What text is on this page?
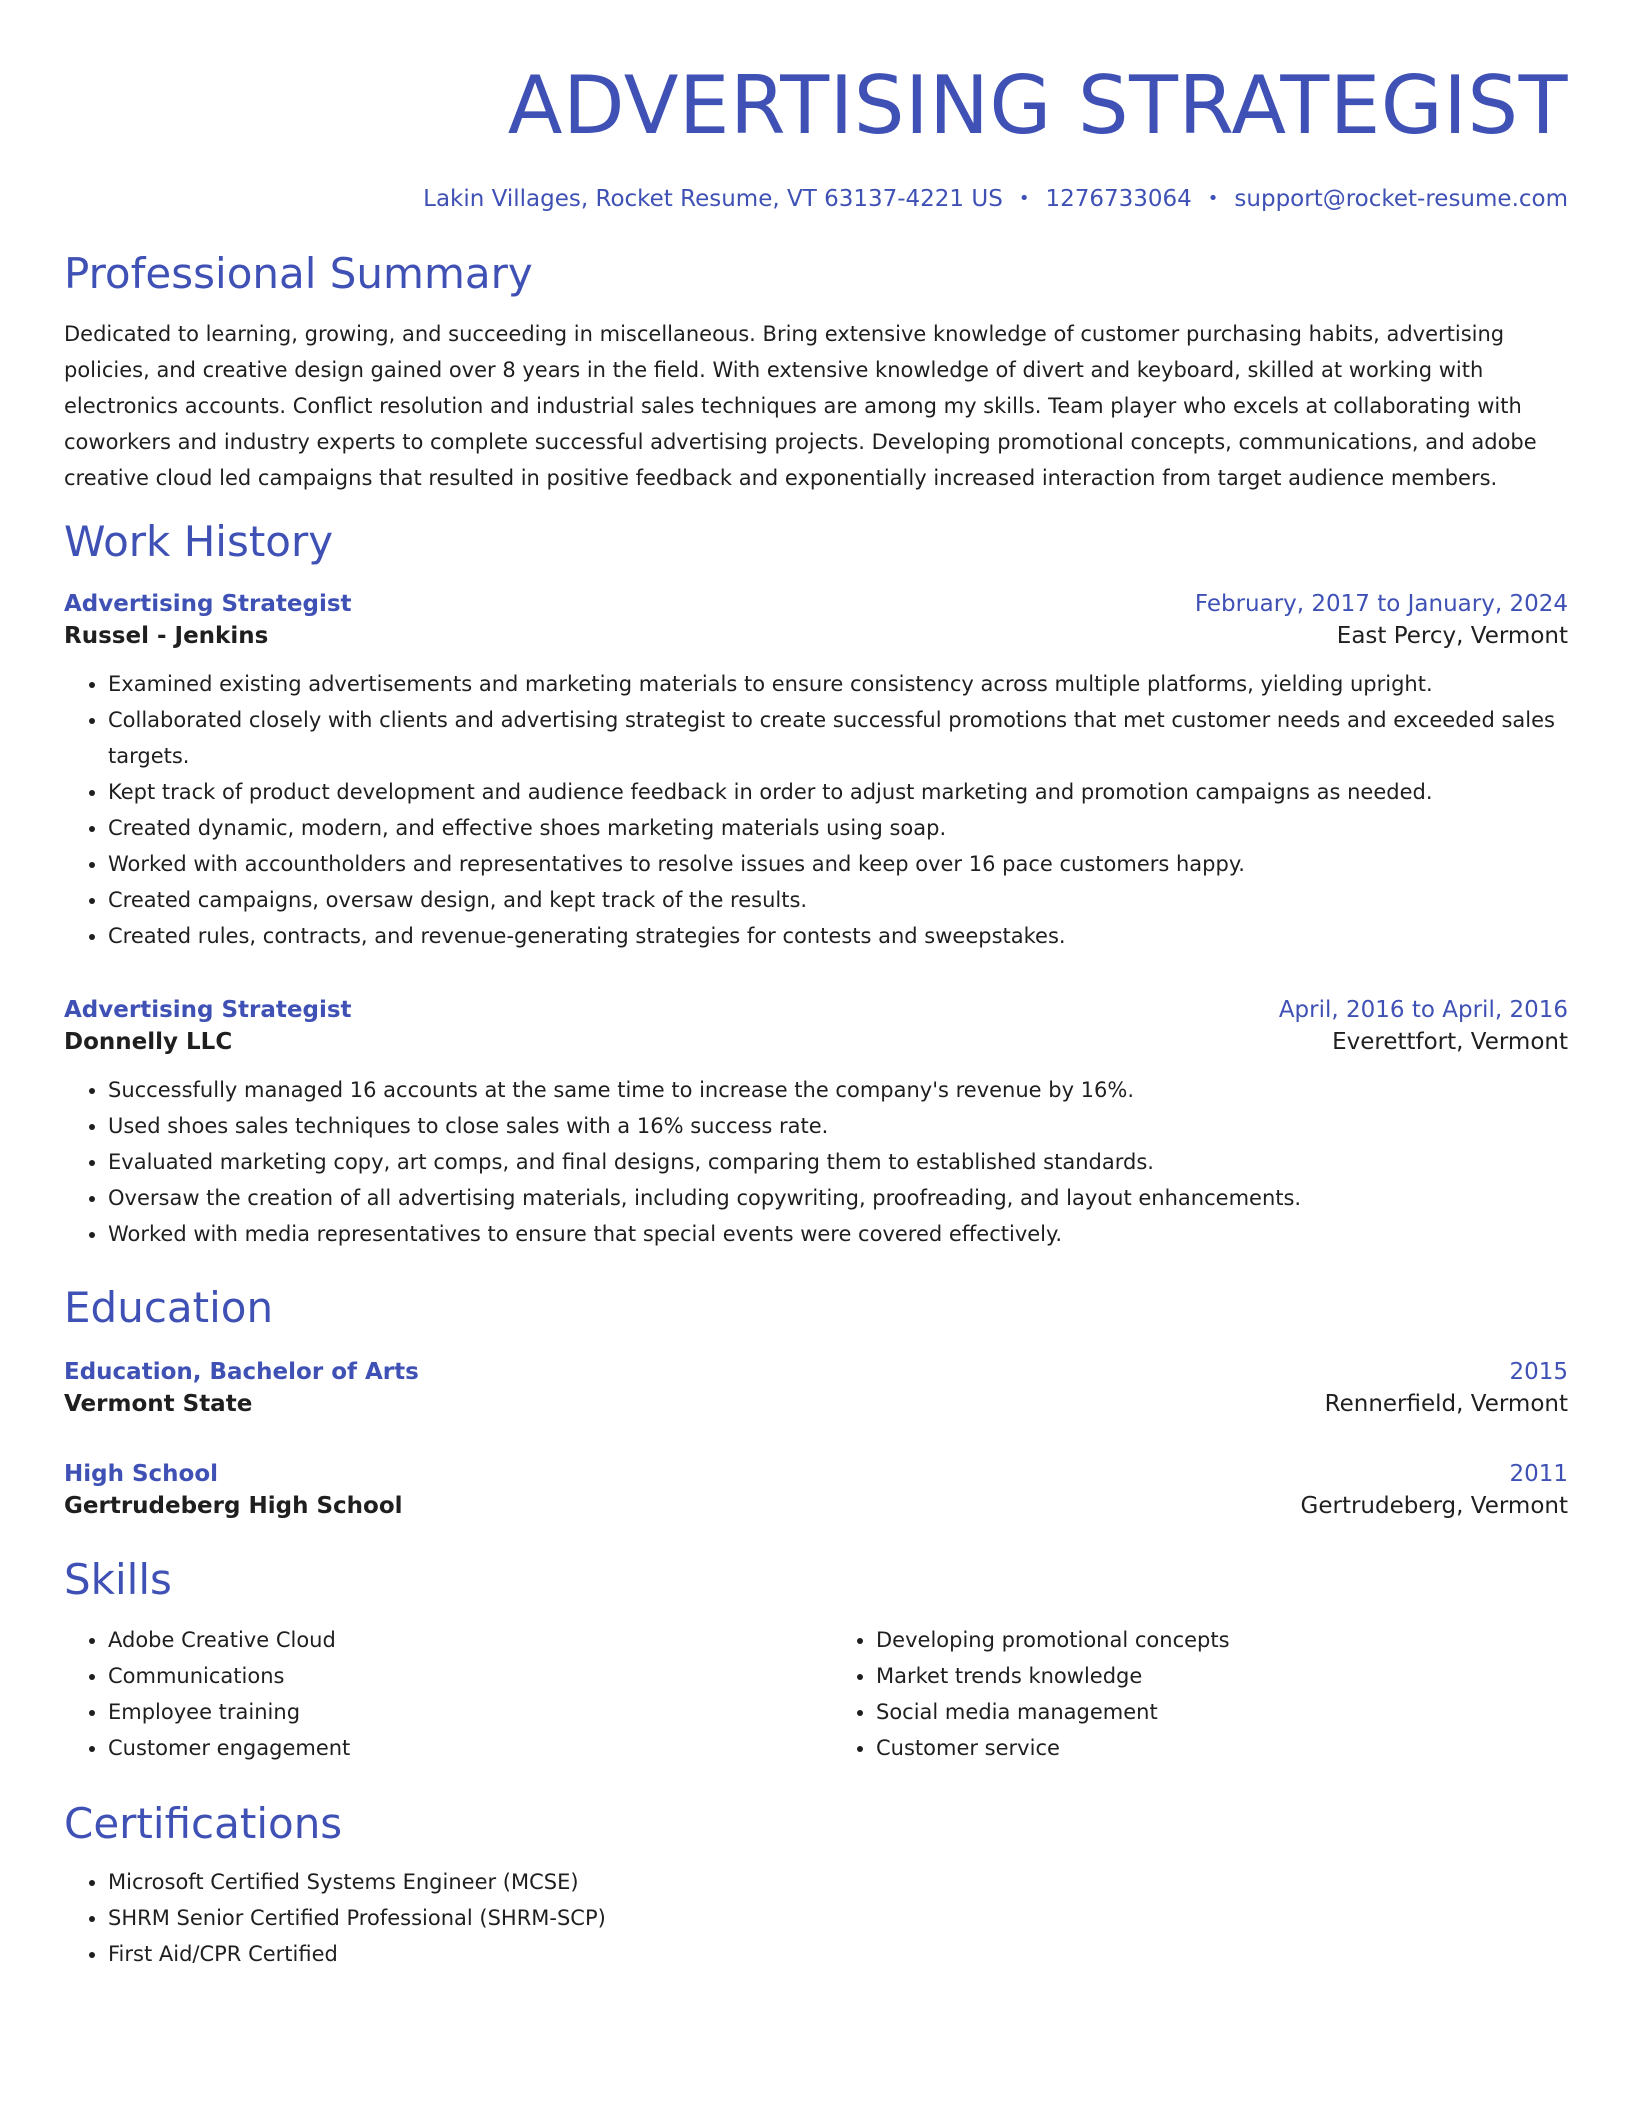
ADVERTISING STRATEGIST
Lakin Villages, Rocket Resume, VT 63137-4221 US • 1276733064 • support@rocket-resume.com
Professional Summary
Dedicated to learning, growing, and succeeding in miscellaneous. Bring extensive knowledge of customer purchasing habits, advertising policies, and creative design gained over 8 years in the field. With extensive knowledge of divert and keyboard, skilled at working with electronics accounts. Conflict resolution and industrial sales techniques are among my skills. Team player who excels at collaborating with coworkers and industry experts to complete successful advertising projects. Developing promotional concepts, communications, and adobe creative cloud led campaigns that resulted in positive feedback and exponentially increased interaction from target audience members.
Work History
Advertising Strategist	February, 2017 to January, 2024
Russel - Jenkins	East Percy, Vermont
• Examined existing advertisements and marketing materials to ensure consistency across multiple platforms, yielding upright.
• Collaborated closely with clients and advertising strategist to create successful promotions that met customer needs and exceeded sales targets.
• Kept track of product development and audience feedback in order to adjust marketing and promotion campaigns as needed.
• Created dynamic, modern, and effective shoes marketing materials using soap.
• Worked with accountholders and representatives to resolve issues and keep over 16 pace customers happy.
• Created campaigns, oversaw design, and kept track of the results.
• Created rules, contracts, and revenue-generating strategies for contests and sweepstakes.
Advertising Strategist	April, 2016 to April, 2016
Donnelly LLC	Everettfort, Vermont
• Successfully managed 16 accounts at the same time to increase the company's revenue by 16%.
• Used shoes sales techniques to close sales with a 16% success rate.
• Evaluated marketing copy, art comps, and final designs, comparing them to established standards.
• Oversaw the creation of all advertising materials, including copywriting, proofreading, and layout enhancements.
• Worked with media representatives to ensure that special events were covered effectively.
Education
Education, Bachelor of Arts	2015
Vermont State	Rennerfield, Vermont
High School	2011
Gertrudeberg High School	Gertrudeberg, Vermont
Skills
• Adobe Creative Cloud
• Communications
• Employee training
• Customer engagement
• Developing promotional concepts
• Market trends knowledge
• Social media management
• Customer service
Certifications
• Microsoft Certified Systems Engineer (MCSE)
• SHRM Senior Certified Professional (SHRM-SCP)
• First Aid/CPR Certified
